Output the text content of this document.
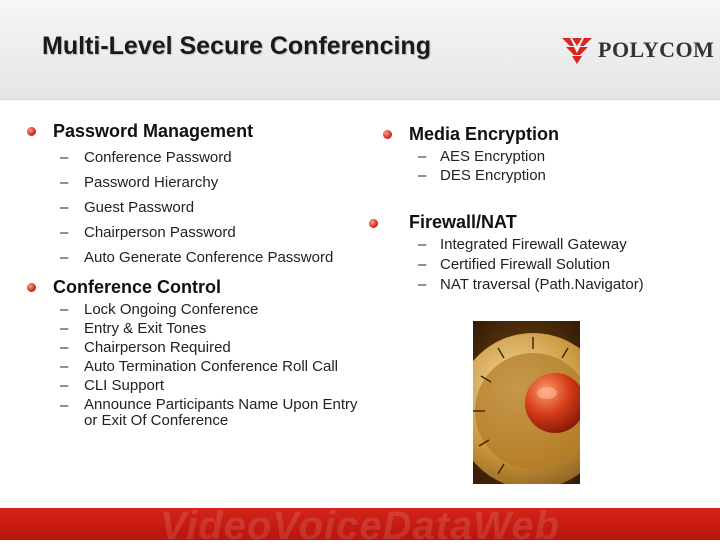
Multi-Level Secure Conferencing	POLYCOM
Password Management
– Conference Password
– Password Hierarchy
– Guest Password
– Chairperson Password
– Auto Generate Conference Password
Conference Control
– Lock Ongoing Conference
– Entry & Exit Tones
– Chairperson Required
– Auto Termination Conference Roll Call
– CLI Support
– Announce Participants Name Upon Entry or Exit Of Conference
Media Encryption
– AES Encryption
– DES Encryption
Firewall/NAT
– Integrated Firewall Gateway
– Certified Firewall Solution
– NAT traversal (Path.Navigator)
VideoVoiceDataWeb
